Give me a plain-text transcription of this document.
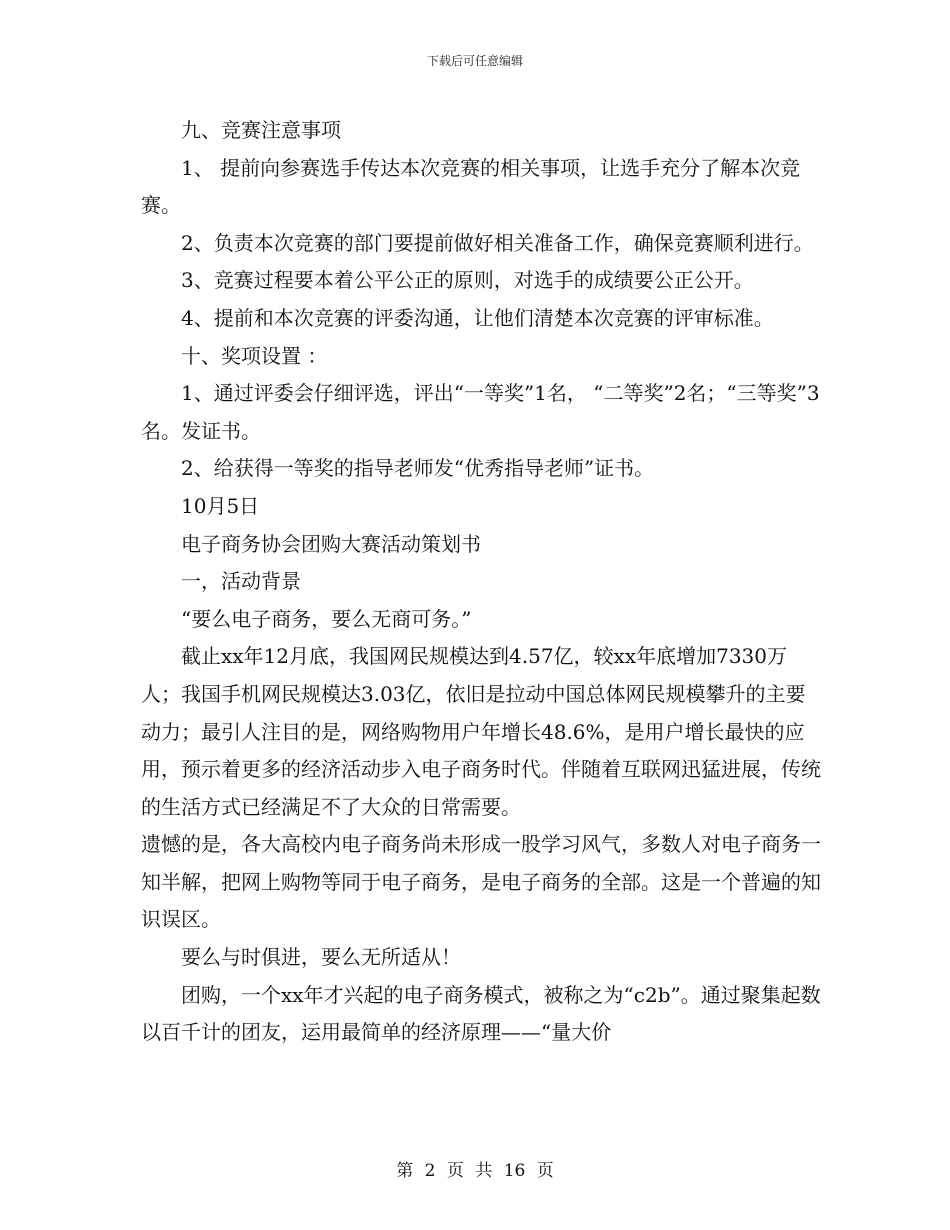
下载后可任意编辑

九、竞赛注意事项

1、 提前向参赛选手传达本次竞赛的相关事项，让选手充分了解本次竞赛。

2、负责本次竞赛的部门要提前做好相关准备工作，确保竞赛顺利进行。

3、竞赛过程要本着公平公正的原则，对选手的成绩要公正公开。

4、提前和本次竞赛的评委沟通，让他们清楚本次竞赛的评审标准。

十、奖项设置 ：

1、通过评委会仔细评选，评出“一等奖”1名， “二等奖”2名；“三等奖”3名。发证书。

2、给获得一等奖的指导老师发“优秀指导老师”证书。

10月5日

电子商务协会团购大赛活动策划书

一，活动背景

“要么电子商务，要么无商可务。”

截止xx年12月底，我国网民规模达到4.57亿，较xx年底增加7330万人；我国手机网民规模达3.03亿，依旧是拉动中国总体网民规模攀升的主要动力；最引人注目的是，网络购物用户年增长48.6%，是用户增长最快的应用，预示着更多的经济活动步入电子商务时代。伴随着互联网迅猛进展，传统的生活方式已经满足不了大众的日常需要。

遗憾的是，各大高校内电子商务尚未形成一股学习风气，多数人对电子商务一知半解，把网上购物等同于电子商务，是电子商务的全部。这是一个普遍的知识误区。

要么与时俱进，要么无所适从！

团购，一个xx年才兴起的电子商务模式，被称之为“c2b”。通过聚集起数以百千计的团友，运用最简单的经济原理——“量大价

第 2 页 共 16 页
